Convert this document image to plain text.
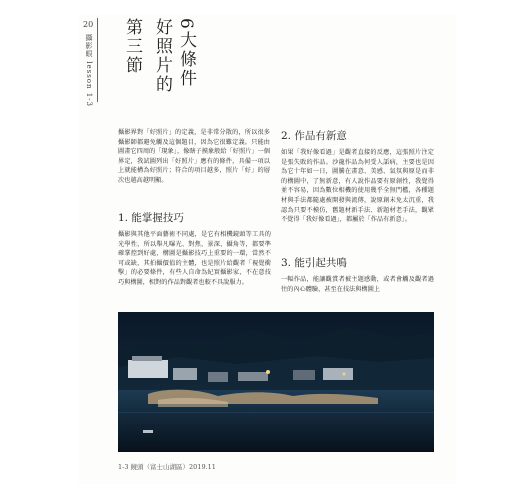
20
攝影眼 lesson 1-3	6大條件
好照片的
第三節
攝影界對「好照片」的定義，是非常分散的，所以很多攝影師都避免觸及這個題目，因為它很難定義。只能由圖畫它四周的「現象」，像瞎子摸象般給「好照片」一個界定，我試圖列出「好照片」應有的條件，具備一項以上就能構為好照片；符合的項目越多，照片「好」的層次也越高越明顯。
1. 能掌握技巧
攝影與其他平面藝術不同處，是它有相機鏡頭等工具的光學性，所以舉凡曝光、對焦、景深、攝角等，都要準確掌控到好處，構圖是攝影技巧上重要的一環，當然不可或缺，其拍攝價值的主體，也是照片給觀者「視覺衝擊」的必要條件，有些人自命為紀實攝影家，不在意技巧與構圖，相對的作品對觀者也較不具說服力。
2. 作品有新意
如果「我好像看過」是觀者直接的反應，這張照片注定是張失敗的作品。沙龍作品為何受人詬病，主要也是因為它十年如一日，圖騰在畫意、美感、氣氛與原是而非的構圖中，了無新意，有人說作品要有原創性，我覺得並不容易，因為數位相機的使用幾乎全無門檻，各種題材與手法都隨處被開發與流傳，說原創未免太沉重，我認為只要不模仿，舊題材新手法、新題材老手法，觀眾不覺得「我好像看過」，都屬於「作品有新意」。
3. 能引起共鳴
一幅作品，能讓觀賞者被主題感動，或者會觸及觀者過往的內心體驗，甚至在技法與構圖上
1-3 鏡頭（富士山湖區）2019.11
